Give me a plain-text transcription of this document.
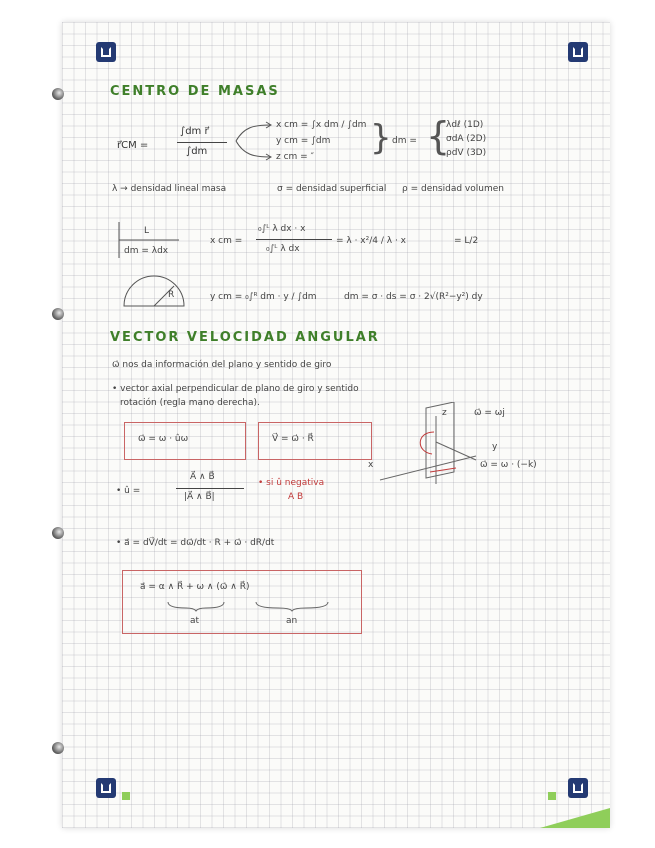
CENTRO DE MASAS
r⃗CM =
∫dm r⃗
∫dm
x cm = ∫x dm / ∫dm
y cm = ∫dm
z cm = ″ } dm = {
λdℓ (1D)
σdA (2D)
ρdV (3D)
λ → densidad lineal masa	σ = densidad superficial ρ = densidad volumen
L
dm = λdx
x cm =
₀∫ᴸ λ dx · x
₀∫ᴸ λ dx
= λ · x²/4 / λ · x	= L/2
R	y cm = ₀∫ᴿ dm · y / ∫dm	dm = σ · ds = σ · 2√(R²−y²) dy
VECTOR VELOCIDAD ANGULAR
ω⃗ nos da información del plano y sentido de giro
• vector axial perpendicular de plano de giro y sentido
rotación (regla mano derecha).
ω⃗ = ω · ûω	V⃗ = ω⃗ · R⃗
z
y
x
ω⃗ = ωj
ω⃗ = ω · (−k)
• û =
A⃗ ∧ B⃗
|A⃗ ∧ B⃗|
• si û negativa
A B
• a⃗ = dV⃗/dt = dω⃗/dt · R + ω⃗ · dR/dt
a⃗ = α ∧ R⃗ + ω ∧ (ω⃗ ∧ R⃗)
at	an
